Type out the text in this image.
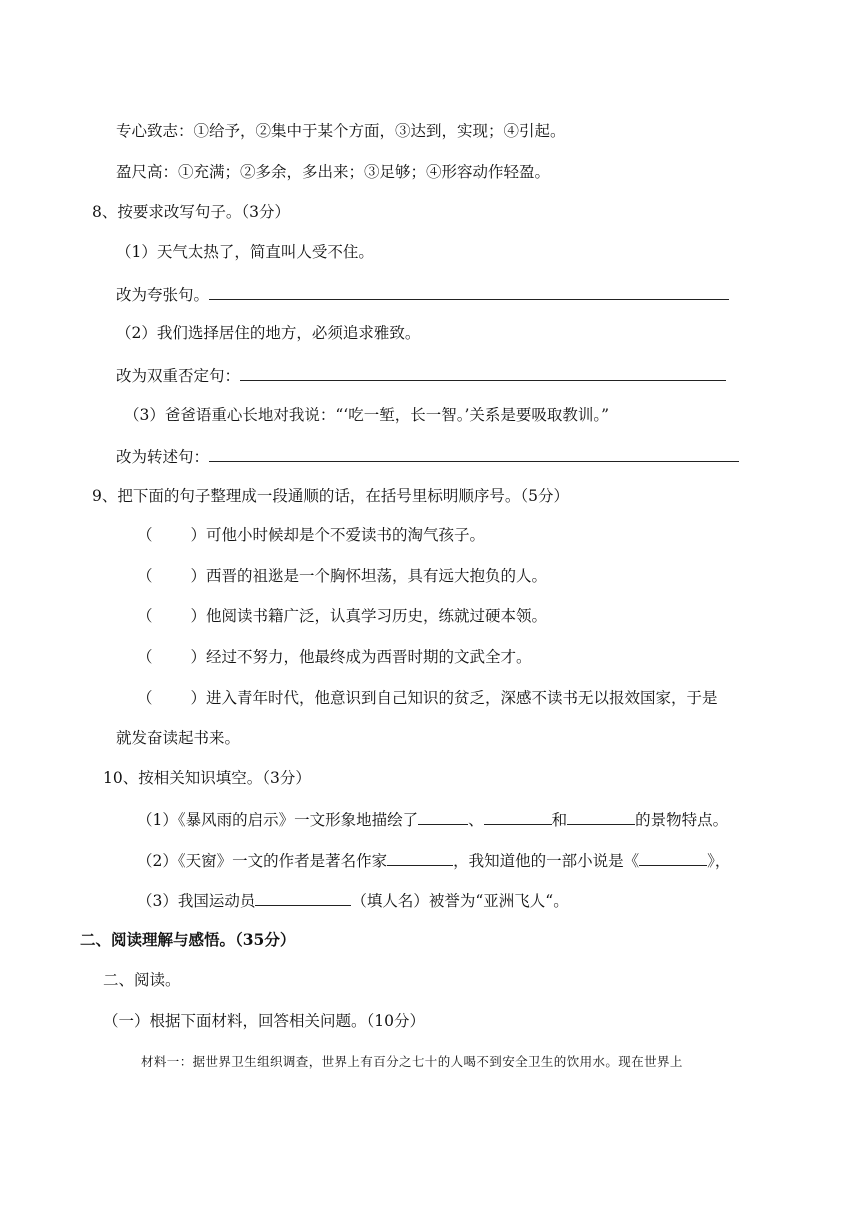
专心致志：①给予，②集中于某个方面，③达到，实现；④引起。
盈尺高：①充满；②多余，多出来；③足够；④形容动作轻盈。
8、按要求改写句子。（3分）
（1）天气太热了，简直叫人受不住。
改为夸张句。
（2）我们选择居住的地方，必须追求雅致。
改为双重否定句：
（3）爸爸语重心长地对我说：“‘吃一堑，长一智。’关系是要吸取教训。”
改为转述句：
9、把下面的句子整理成一段通顺的话，在括号里标明顺序号。（5分）
（ ）可他小时候却是个不爱读书的淘气孩子。
（ ）西晋的祖逖是一个胸怀坦荡，具有远大抱负的人。
（ ）他阅读书籍广泛，认真学习历史，练就过硬本领。
（ ）经过不努力，他最终成为西晋时期的文武全才。
（ ）进入青年时代，他意识到自己知识的贫乏，深感不读书无以报效国家，于是
就发奋读起书来。
10、按相关知识填空。（3分）
（1）《暴风雨的启示》一文形象地描绘了	、	和	的景物特点。
（2）《天窗》一文的作者是著名作家	，我知道他的一部小说是《	》，
（3）我国运动员	（填人名）被誉为“亚洲飞人“。
二、阅读理解与感悟。（35分）
二、阅读。
（一）根据下面材料，回答相关问题。（10分）
材料一：据世界卫生组织调查，世界上有百分之七十的人喝不到安全卫生的饮用水。现在世界上
